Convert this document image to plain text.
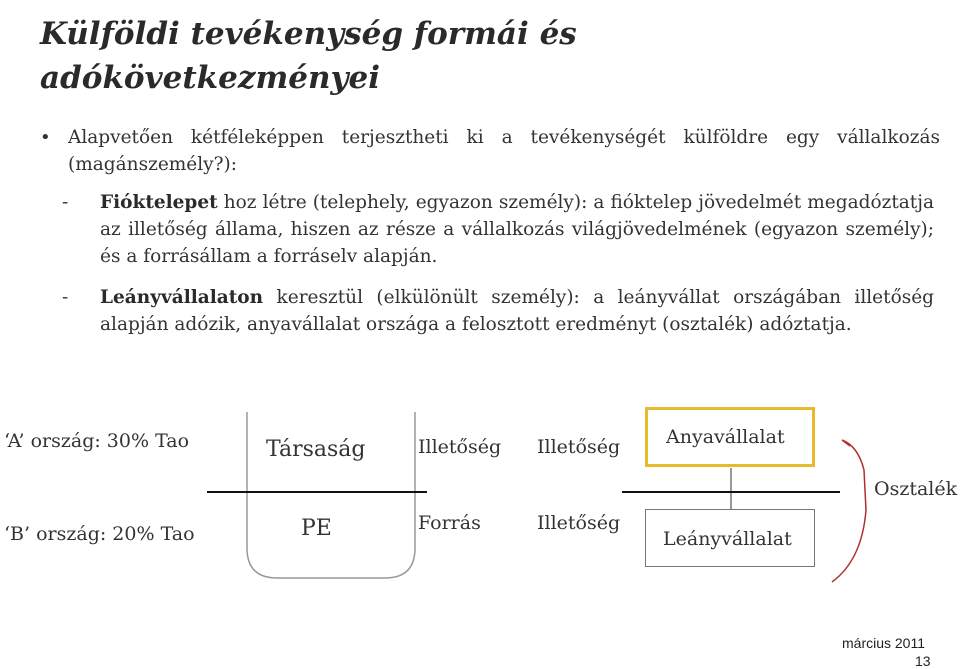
Külföldi tevékenység formái és
adókövetkezményei
• Alapvetően kétféleképpen terjesztheti ki a tevékenységét külföldre egy vállalkozás (magánszemély?):
- Fióktelepet hoz létre (telephely, egyazon személy): a fióktelep jövedelmét megadóztatja az illetőség állama, hiszen az része a vállalkozás világjövedelmének (egyazon személy); és a forrásállam a forráselv alapján.
- Leányvállalaton keresztül (elkülönült személy): a leányvállat országában illetőség alapján adózik, anyavállalat országa a felosztott eredményt (osztalék) adóztatja.
‘A’ ország: 30% Tao
‘B’ ország: 20% Tao
Társaság
PE
Illetőség
Forrás
Illetőség
Illetőség
Anyavállalat
Leányvállalat
Osztalék
március 2011
13
